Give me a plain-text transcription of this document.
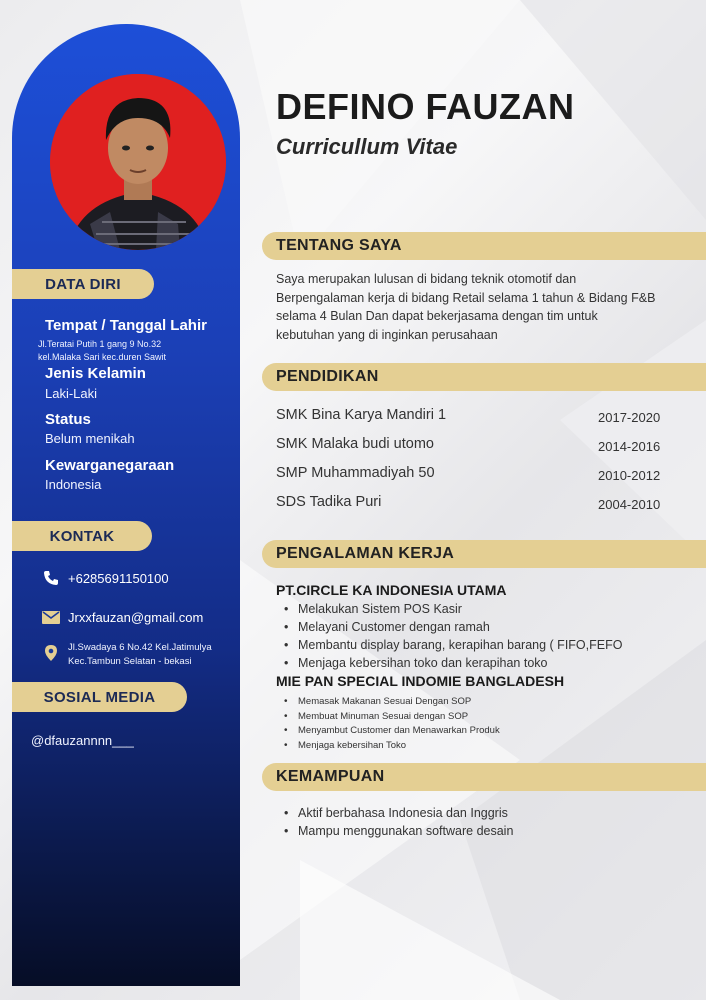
DATA DIRI
Tempat / Tanggal Lahir
Jl.Teratai Putih 1 gang 9 No.32
kel.Malaka Sari kec.duren Sawit
Jenis Kelamin
Laki-Laki
Status
Belum menikah
Kewarganegaraan
Indonesia
KONTAK
+6285691150100
Jrxxfauzan@gmail.com
Jl.Swadaya 6 No.42 Kel.Jatimulya
Kec.Tambun Selatan - bekasi
SOSIAL MEDIA
@dfauzannnn___
DEFINO FAUZAN
Curricullum Vitae
TENTANG SAYA
Saya merupakan lulusan di bidang teknik otomotif dan
Berpengalaman kerja di bidang Retail selama 1 tahun & Bidang F&B
selama 4 Bulan Dan dapat bekerjasama dengan tim untuk
kebutuhan yang di inginkan perusahaan
PENDIDIKAN
SMK Bina Karya Mandiri 1	2017-2020
SMK Malaka budi utomo	2014-2016
SMP Muhammadiyah 50	2010-2012
SDS Tadika Puri	2004-2010
PENGALAMAN KERJA
PT.CIRCLE KA INDONESIA UTAMA
• Melakukan Sistem POS Kasir
• Melayani Customer dengan ramah
• Membantu display barang, kerapihan barang ( FIFO,FEFO
• Menjaga kebersihan toko dan kerapihan toko
MIE PAN SPECIAL INDOMIE BANGLADESH
• Memasak Makanan Sesuai Dengan SOP
• Membuat Minuman Sesuai dengan SOP
• Menyambut Customer dan Menawarkan Produk
• Menjaga kebersihan Toko
KEMAMPUAN
• Aktif berbahasa Indonesia dan Inggris
• Mampu menggunakan software desain
